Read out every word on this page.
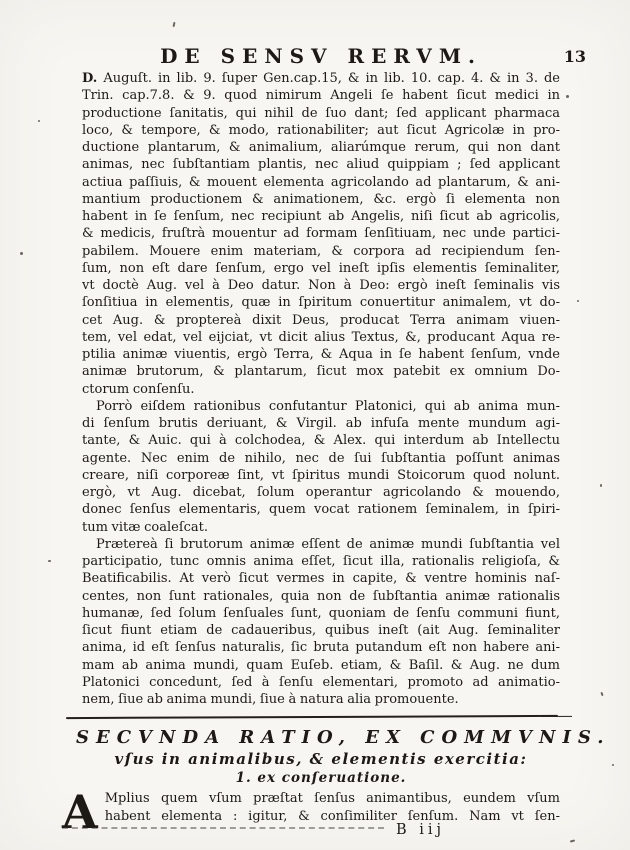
DE SENSV RERVM.	13
D. Auguſt. in lib. 9. ſuper Gen.cap.15, & in lib. 10. cap. 4. & in 3. de
Trin. cap.7.8. & 9. quod nimirum Angeli ſe habent ſicut medici in
productione ſanitatis, qui nihil de ſuo dant; ſed applicant pharmaca
loco, & tempore, & modo, rationabiliter; aut ſicut Agricolæ in pro-
ductione plantarum, & animalium, aliarúmque rerum, qui non dant
animas, nec ſubſtantiam plantis, nec aliud quippiam ; ſed applicant
actiua paſſiuis, & mouent elementa agricolando ad plantarum, & ani-
mantium productionem & animationem, &c. ergò ſi elementa non
habent in ſe ſenſum, nec recipiunt ab Angelis, niſi ſicut ab agricolis,
& medicis, fruſtrà mouentur ad formam ſenſitiuam, nec unde partici-
pabilem. Mouere enim materiam, & corpora ad recipiendum ſen-
ſum, non eſt dare ſenſum, ergo vel ineſt ipſis elementis ſeminaliter,
vt doctè Aug. vel à Deo datur. Non à Deo: ergò ineſt ſeminalis vis
ſonſitiua in elementis, quæ in ſpiritum conuertitur animalem, vt do-
cet Aug. & proptereà dixit Deus, producat Terra animam viuen-
tem, vel edat, vel eijciat, vt dicit alius Textus, &, producant Aqua re-
ptilia animæ viuentis, ergò Terra, & Aqua in ſe habent ſenſum, vnde
animæ brutorum, & plantarum, ſicut mox patebit ex omnium Do-
ctorum conſenſu.
Porrò eiſdem rationibus confutantur Platonici, qui ab anima mun-
di ſenſum brutis deriuant, & Virgil. ab infuſa mente mundum agi-
tante, & Auic. qui à colchodea, & Alex. qui interdum ab Intellectu
agente. Nec enim de nihilo, nec de ſui ſubſtantia poſſunt animas
creare, niſi corporeæ ſint, vt ſpiritus mundi Stoicorum quod nolunt.
ergò, vt Aug. dicebat, ſolum operantur agricolando & mouendo,
donec ſenſus elementaris, quem vocat rationem ſeminalem, in ſpiri-
tum vitæ coaleſcat.
Prætereà ſi brutorum animæ eſſent de animæ mundi ſubſtantia vel
participatio, tunc omnis anima eſſet, ſicut illa, rationalis religioſa, &
Beatificabilis. At verò ſicut vermes in capite, & ventre hominis naſ-
centes, non ſunt rationales, quia non de ſubſtantia animæ rationalis
humanæ, ſed ſolum ſenſuales ſunt, quoniam de ſenſu communi fiunt,
ſicut fiunt etiam de cadaueribus, quibus ineſt (ait Aug. ſeminaliter
anima, id eſt ſenſus naturalis, ſic bruta putandum eſt non habere ani-
mam ab anima mundi, quam Euſeb. etiam, & Baſil. & Aug. ne dum
Platonici concedunt, ſed à ſenſu elementari, promoto ad animatio-
nem, ſiue ab anima mundi, ſiue à natura alia promouente.
SECVNDA RATIO, EX COMMVNIS.
vſus in animalibus, & elementis exercitia:
1. ex conſeruatione.
A Mplius quem vſum præſtat ſenſus animantibus, eundem vſum
habent elementa : igitur, & conſimiliter ſenſum. Nam vt ſen-
B iij
